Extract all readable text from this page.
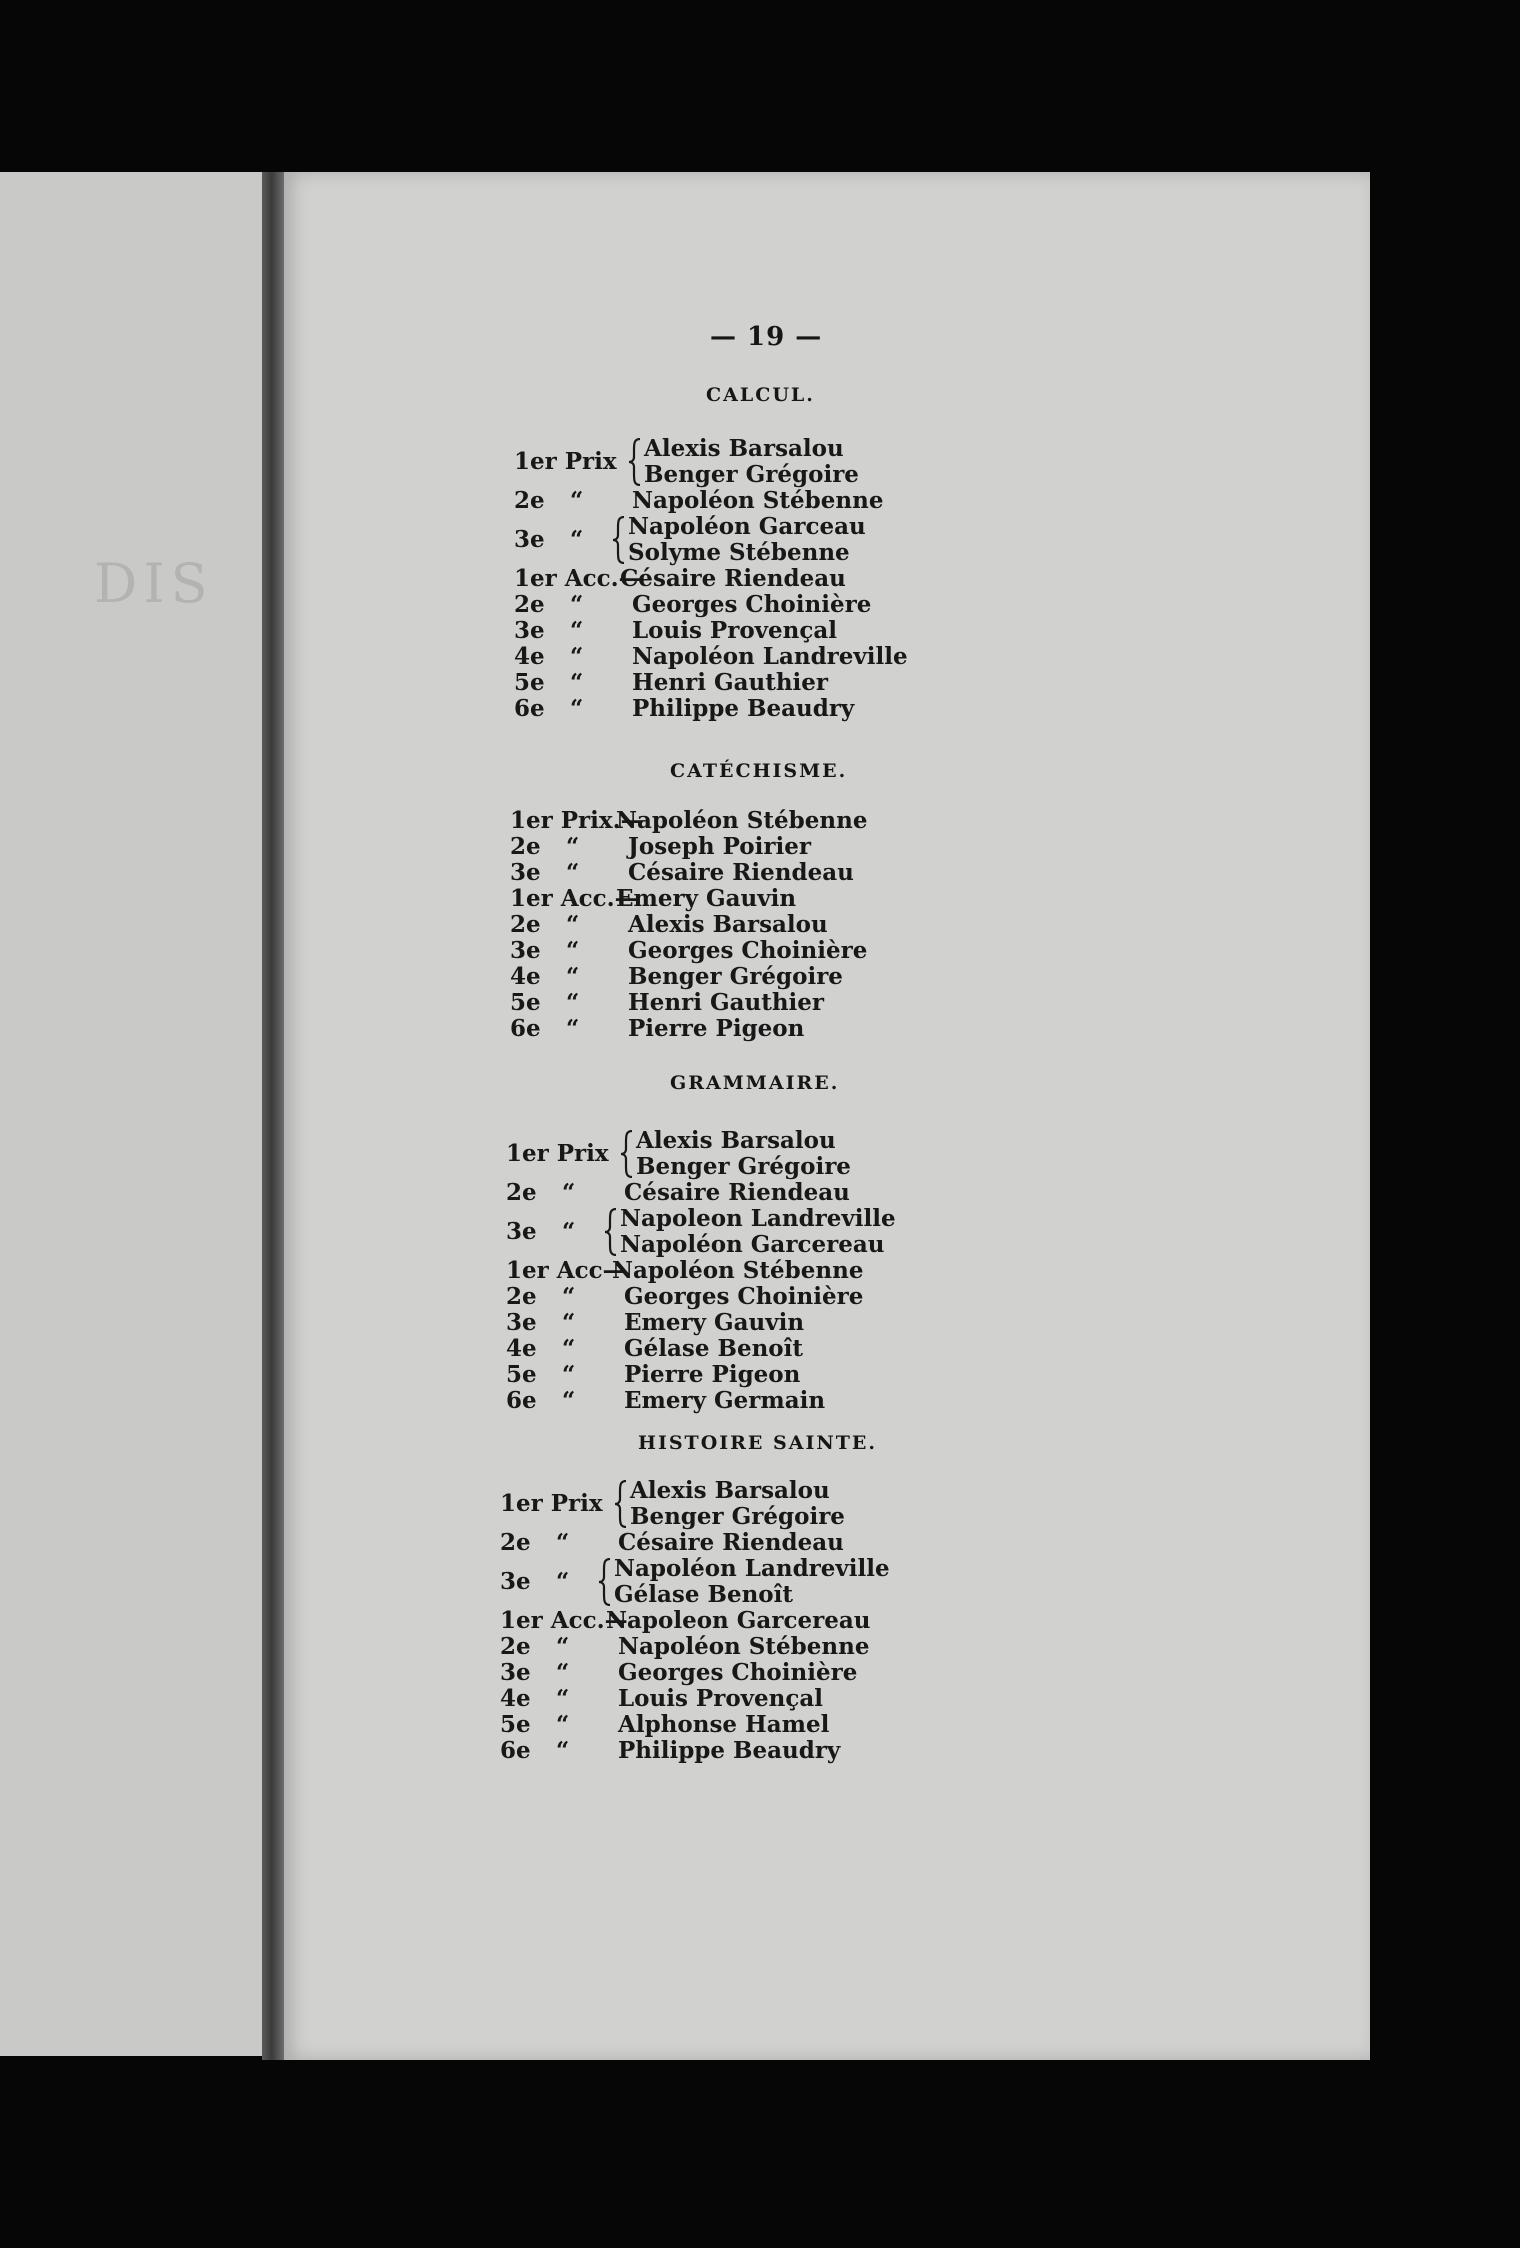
DIS
— 19 —
CALCUL.
1er Prix Alexis Barsalou
Benger Grégoire
2e “ Napoléon Stébenne
3e “ Napoléon Garceau
Solyme Stébenne
1er Acc.—
Césaire Riendeau
2e “ Georges Choinière
3e “ Louis Provençal
4e “ Napoléon Landreville
5e “ Henri Gauthier
6e “ Philippe Beaudry
CATÉCHISME.
1er Prix.—
Napoléon Stébenne
2e “ Joseph Poirier
3e “ Césaire Riendeau
1er Acc.—
Emery Gauvin
2e “ Alexis Barsalou
3e “ Georges Choinière
4e “ Benger Grégoire
5e “ Henri Gauthier
6e “ Pierre Pigeon
GRAMMAIRE.
1er Prix Alexis Barsalou
Benger Grégoire
2e “ Césaire Riendeau
3e “ Napoleon Landreville
Napoléon Garcereau
1er Acc—
Napoléon Stébenne
2e “ Georges Choinière
3e “ Emery Gauvin
4e “ Gélase Benoît
5e “ Pierre Pigeon
6e “ Emery Germain
HISTOIRE SAINTE.
1er Prix Alexis Barsalou
Benger Grégoire
2e “ Césaire Riendeau
3e “ Napoléon Landreville
Gélase Benoît
1er Acc.—
Napoleon Garcereau
2e “ Napoléon Stébenne
3e “ Georges Choinière
4e “ Louis Provençal
5e “ Alphonse Hamel
6e “ Philippe Beaudry
